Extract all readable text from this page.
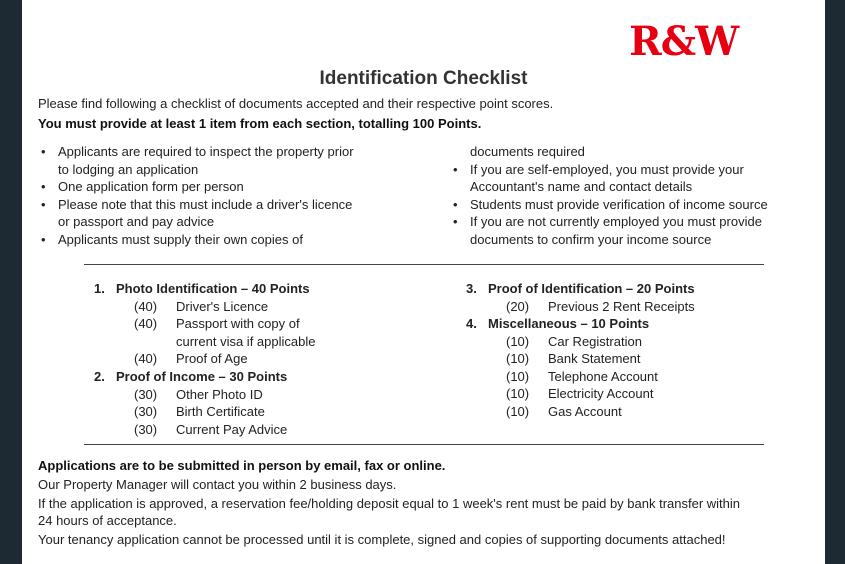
R&W
Identification Checklist
Please find following a checklist of documents accepted and their respective point scores.
You must provide at least 1 item from each section, totalling 100 Points.
• Applicants are required to inspect the property prior
to lodging an application
• One application form per person
• Please note that this must include a driver's licence
or passport and pay advice
• Applicants must supply their own copies of
documents required
• If you are self-employed, you must provide your
Accountant's name and contact details
• Students must provide verification of income source
• If you are not currently employed you must provide
documents to confirm your income source
1. Photo Identification – 40 Points
(40)	Driver's Licence
(40)	Passport with copy of
current visa if applicable
(40)	Proof of Age
2. Proof of Income – 30 Points
(30)	Other Photo ID
(30)	Birth Certificate
(30)	Current Pay Advice
3. Proof of Identification – 20 Points
(20)	Previous 2 Rent Receipts
4. Miscellaneous – 10 Points
(10)	Car Registration
(10)	Bank Statement
(10)	Telephone Account
(10)	Electricity Account
(10)	Gas Account
Applications are to be submitted in person by email, fax or online.
Our Property Manager will contact you within 2 business days.
If the application is approved, a reservation fee/holding deposit equal to 1 week's rent must be paid by bank transfer within
24 hours of acceptance.
Your tenancy application cannot be processed until it is complete, signed and copies of supporting documents attached!
